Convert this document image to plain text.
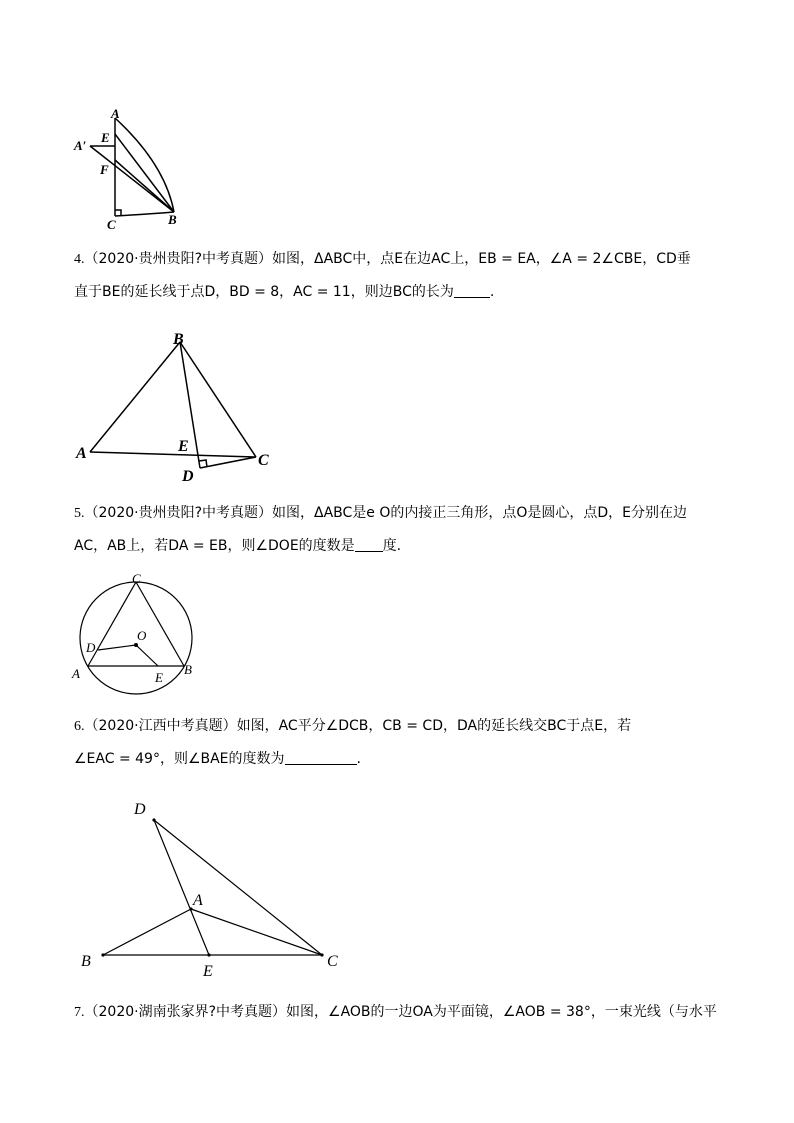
A
A′
E
F
C	B
4.（2020·贵州贵阳?中考真题）如图，ΔABC中，点E在边AC上，EB = EA，∠A = 2∠CBE，CD垂
直于BE的延长线于点D，BD = 8，AC = 11，则边BC的长为	.
B
A	E
D
C
5.（2020·贵州贵阳?中考真题）如图，ΔABC是e O的内接正三角形，点O是圆心，点D，E分别在边
AC，AB上，若DA = EB，则∠DOE的度数是 度.
C
O
D
A	B
E
6.（2020·江西中考真题）如图，AC平分∠DCB，CB = CD，DA的延长线交BC于点E，若
∠EAC = 49°，则∠BAE的度数为	.
D
A
B
E
C
7.（2020·湖南张家界?中考真题）如图，∠AOB的一边OA为平面镜，∠AOB = 38°，一束光线（与水平
